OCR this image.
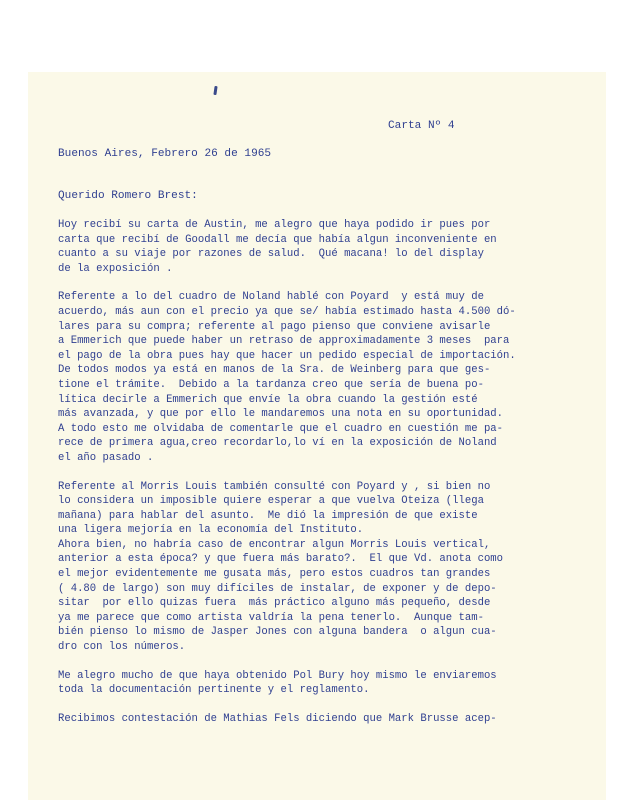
Carta Nº 4
Buenos Aires, Febrero 26 de 1965
Querido Romero Brest:
Hoy recibí su carta de Austin, me alegro que haya podido ir pues por
carta que recibí de Goodall me decía que había algun inconveniente en
cuanto a su viaje por razones de salud.  Qué macana! lo del display
de la exposición .
Referente a lo del cuadro de Noland hablé con Poyard  y está muy de
acuerdo, más aun con el precio ya que se/ había estimado hasta 4.500 dó-
lares para su compra; referente al pago pienso que conviene avisarle
a Emmerich que puede haber un retraso de approximadamente 3 meses  para
el pago de la obra pues hay que hacer un pedido especial de importación.
De todos modos ya está en manos de la Sra. de Weinberg para que ges-
tione el trámite.  Debido a la tardanza creo que sería de buena po-
lítica decirle a Emmerich que envíe la obra cuando la gestión esté
más avanzada, y que por ello le mandaremos una nota en su oportunidad.
A todo esto me olvidaba de comentarle que el cuadro en cuestión me pa-
rece de primera agua,creo recordarlo,lo ví en la exposición de Noland
el año pasado .
Referente al Morris Louis también consulté con Poyard y , si bien no
lo considera un imposible quiere esperar a que vuelva Oteiza (llega
mañana) para hablar del asunto.  Me dió la impresión de que existe
una ligera mejoría en la economía del Instituto.
Ahora bien, no habría caso de encontrar algun Morris Louis vertical,
anterior a esta época? y que fuera más barato?.  El que Vd. anota como
el mejor evidentemente me gusata más, pero estos cuadros tan grandes
( 4.80 de largo) son muy difíciles de instalar, de exponer y de depo-
sitar  por ello quizas fuera  más práctico alguno más pequeño, desde
ya me parece que como artista valdría la pena tenerlo.  Aunque tam-
bién pienso lo mismo de Jasper Jones con alguna bandera  o algun cua-
dro con los números.
Me alegro mucho de que haya obtenido Pol Bury hoy mismo le enviaremos
toda la documentación pertinente y el reglamento.
Recibimos contestación de Mathias Fels diciendo que Mark Brusse acep-
